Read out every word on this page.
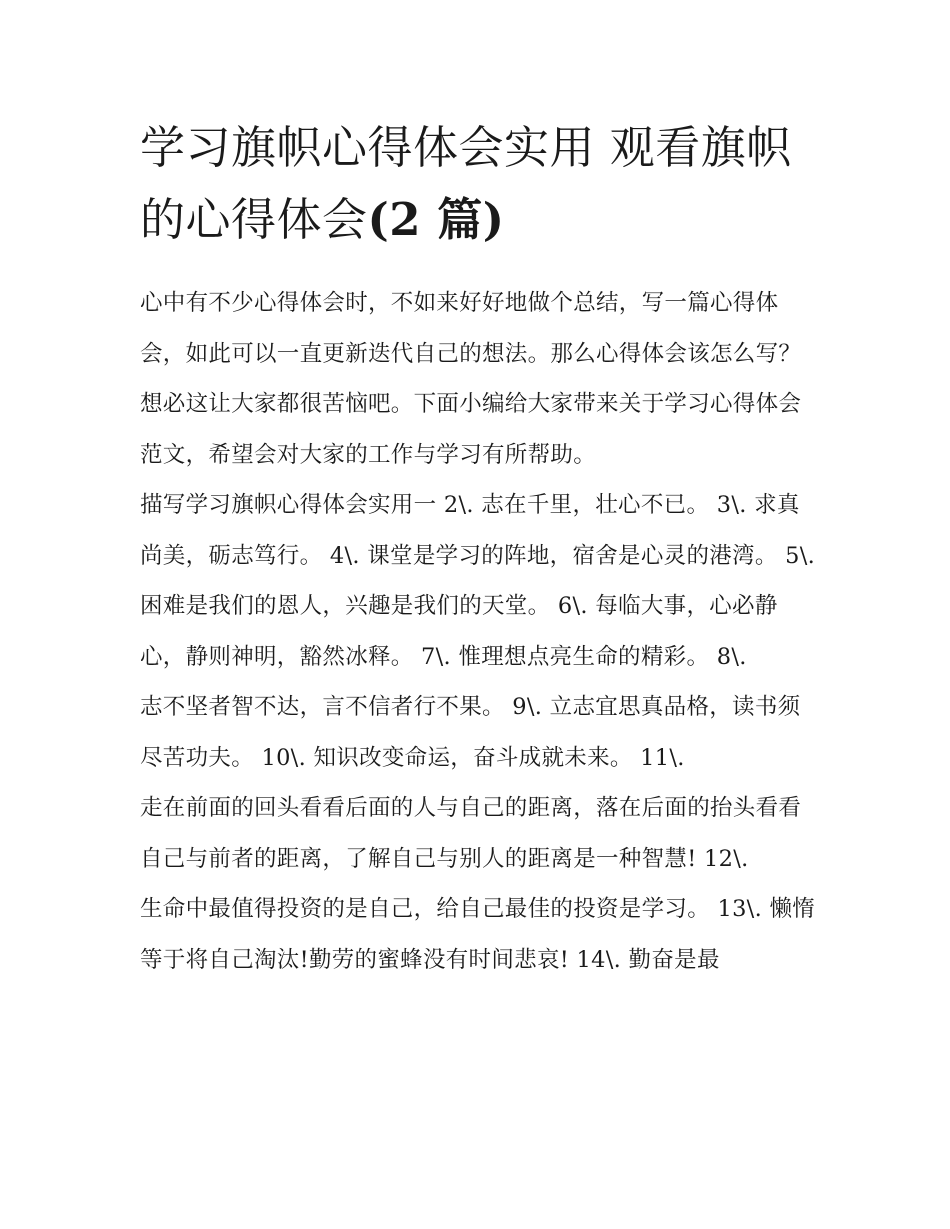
学习旗帜心得体会实用 观看旗帜的心得体会(2 篇)

心中有不少心得体会时，不如来好好地做个总结，写一篇心得体会，如此可以一直更新迭代自己的想法。那么心得体会该怎么写？想必这让大家都很苦恼吧。下面小编给大家带来关于学习心得体会范文，希望会对大家的工作与学习有所帮助。

描写学习旗帜心得体会实用一 2\. 志在千里，壮心不已。 3\. 求真尚美，砺志笃行。 4\. 课堂是学习的阵地，宿舍是心灵的港湾。 5\.

困难是我们的恩人，兴趣是我们的天堂。 6\. 每临大事，心必静心，静则神明，豁然冰释。 7\. 惟理想点亮生命的精彩。 8\.

志不坚者智不达，言不信者行不果。 9\. 立志宜思真品格，读书须尽苦功夫。 10\. 知识改变命运，奋斗成就未来。 11\.

走在前面的回头看看后面的人与自己的距离，落在后面的抬头看看自己与前者的距离，了解自己与别人的距离是一种智慧! 12\.

生命中最值得投资的是自己，给自己最佳的投资是学习。 13\. 懒惰等于将自己淘汰!勤劳的蜜蜂没有时间悲哀! 14\. 勤奋是最
